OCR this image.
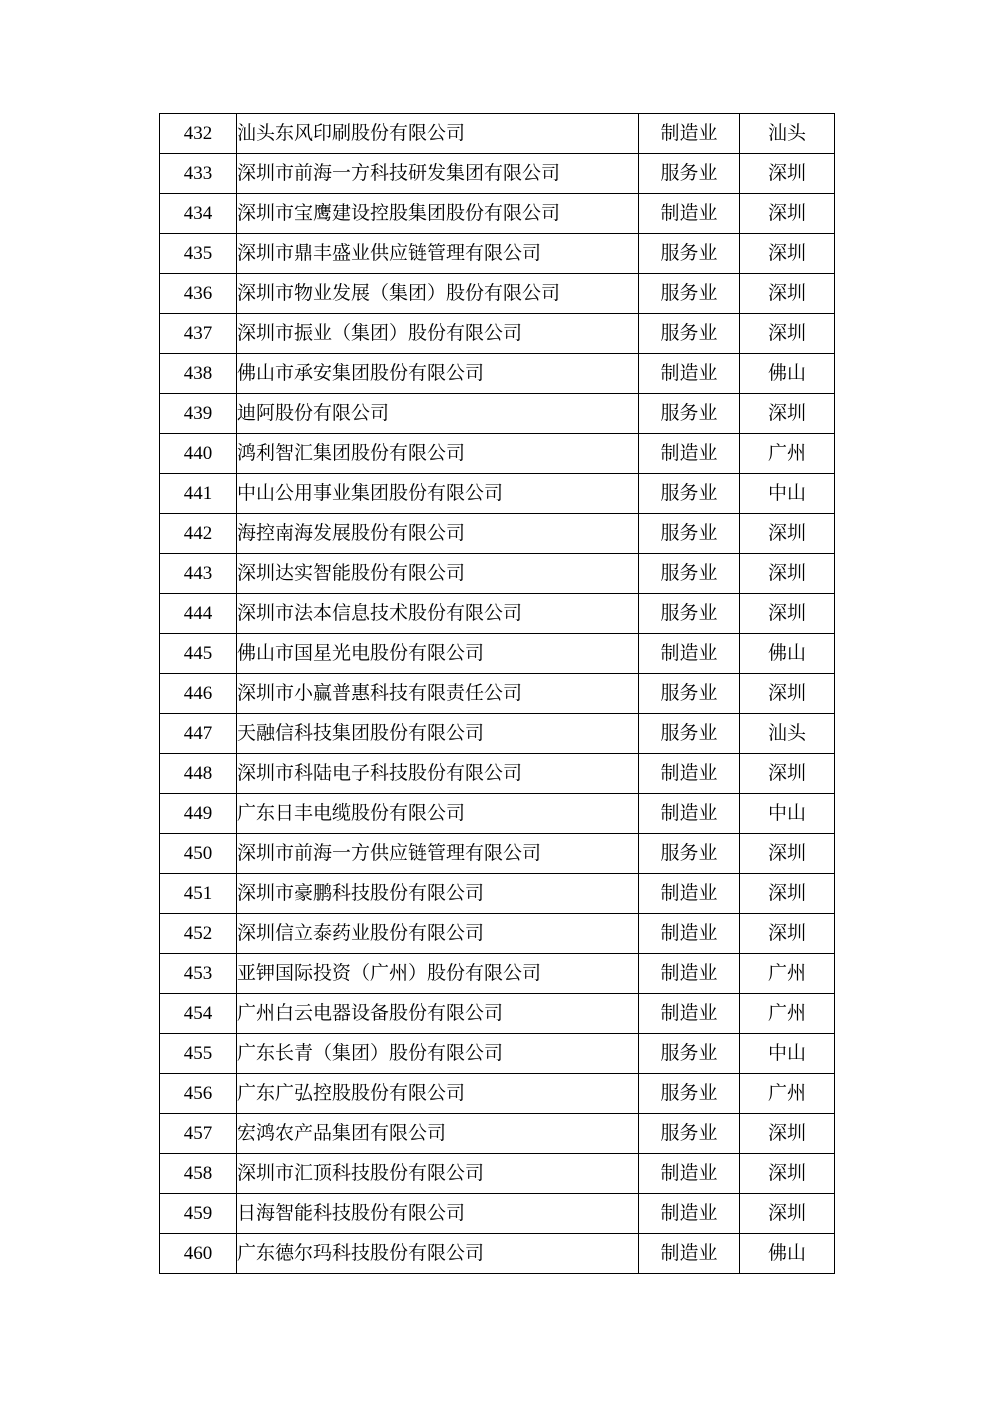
432	汕头东风印刷股份有限公司	制造业	汕头
433	深圳市前海一方科技研发集团有限公司	服务业	深圳
434	深圳市宝鹰建设控股集团股份有限公司	制造业	深圳
435	深圳市鼎丰盛业供应链管理有限公司	服务业	深圳
436	深圳市物业发展（集团）股份有限公司	服务业	深圳
437	深圳市振业（集团）股份有限公司	服务业	深圳
438	佛山市承安集团股份有限公司	制造业	佛山
439	迪阿股份有限公司	服务业	深圳
440	鸿利智汇集团股份有限公司	制造业	广州
441	中山公用事业集团股份有限公司	服务业	中山
442	海控南海发展股份有限公司	服务业	深圳
443	深圳达实智能股份有限公司	服务业	深圳
444	深圳市法本信息技术股份有限公司	服务业	深圳
445	佛山市国星光电股份有限公司	制造业	佛山
446	深圳市小赢普惠科技有限责任公司	服务业	深圳
447	天融信科技集团股份有限公司	服务业	汕头
448	深圳市科陆电子科技股份有限公司	制造业	深圳
449	广东日丰电缆股份有限公司	制造业	中山
450	深圳市前海一方供应链管理有限公司	服务业	深圳
451	深圳市豪鹏科技股份有限公司	制造业	深圳
452	深圳信立泰药业股份有限公司	制造业	深圳
453	亚钾国际投资（广州）股份有限公司	制造业	广州
454	广州白云电器设备股份有限公司	制造业	广州
455	广东长青（集团）股份有限公司	服务业	中山
456	广东广弘控股股份有限公司	服务业	广州
457	宏鸿农产品集团有限公司	服务业	深圳
458	深圳市汇顶科技股份有限公司	制造业	深圳
459	日海智能科技股份有限公司	制造业	深圳
460	广东德尔玛科技股份有限公司	制造业	佛山
